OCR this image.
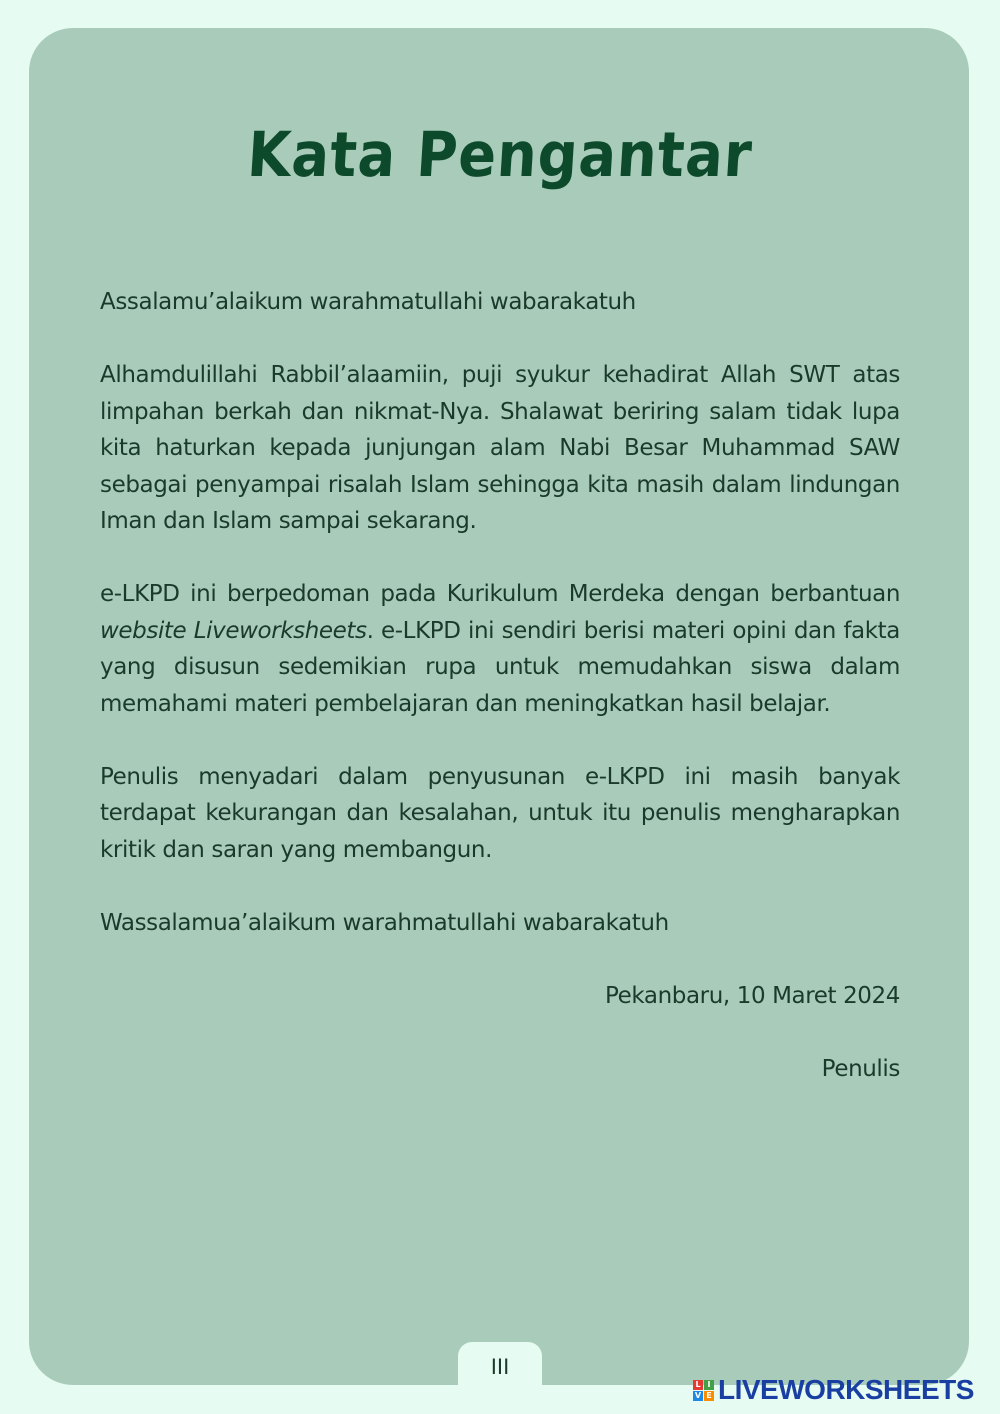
Kata Pengantar

Assalamu’alaikum warahmatullahi wabarakatuh

Alhamdulillahi Rabbil’alaamiin, puji syukur kehadirat Allah SWT atas limpahan berkah dan nikmat-Nya. Shalawat beriring salam tidak lupa kita haturkan kepada junjungan alam Nabi Besar Muhammad SAW sebagai penyampai risalah Islam sehingga kita masih dalam lindungan Iman dan Islam sampai sekarang.

e-LKPD ini berpedoman pada Kurikulum Merdeka dengan berbantuan website Liveworksheets. e-LKPD ini sendiri berisi materi opini dan fakta yang disusun sedemikian rupa untuk memudahkan siswa dalam memahami materi pembelajaran dan meningkatkan hasil belajar.

Penulis menyadari dalam penyusunan e-LKPD ini masih banyak terdapat kekurangan dan kesalahan, untuk itu penulis mengharapkan kritik dan saran yang membangun.

Wassalamua’alaikum warahmatullahi wabarakatuh

Pekanbaru, 10 Maret 2024

Penulis

III
L I
V E LIVEWORKSHEETS
